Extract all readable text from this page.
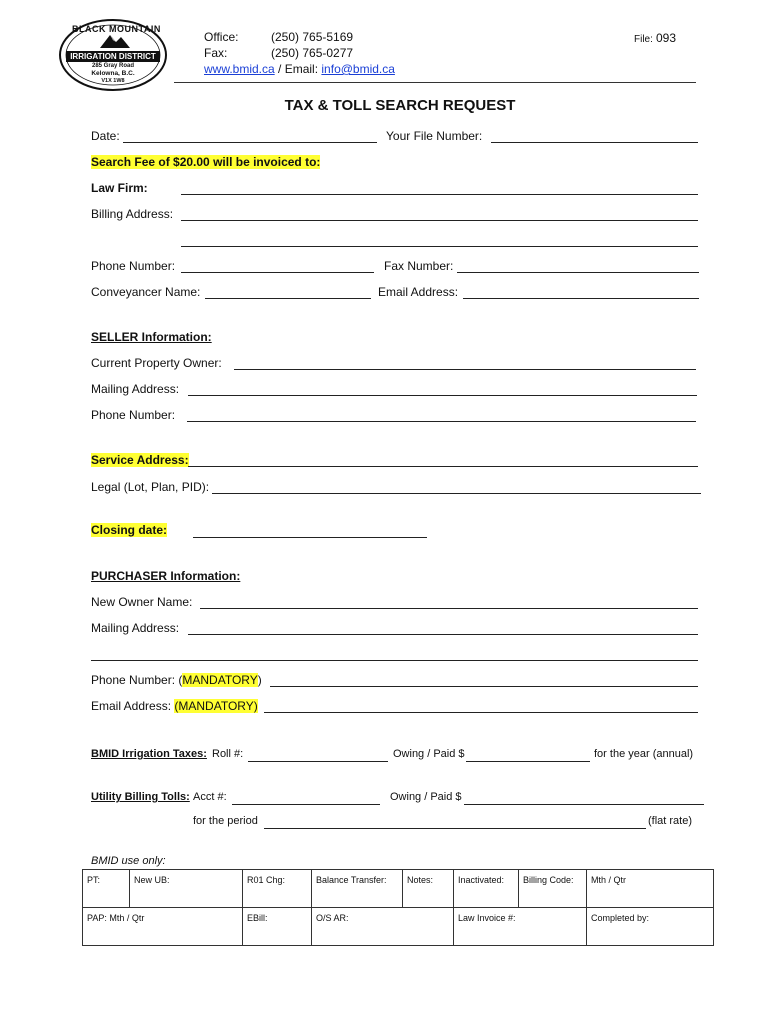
BLACK MOUNTAIN
IRRIGATION DISTRICT
285 Gray Road
Kelowna, B.C.
V1X 1W8
Office:	(250) 765-5169
Fax:	(250) 765-0277
www.bmid.ca / Email: info@bmid.ca
File: 093
TAX & TOLL SEARCH REQUEST
Date:	Your File Number:
Search Fee of $20.00 will be invoiced to:
Law Firm:
Billing Address:
Phone Number:	Fax Number:
Conveyancer Name:	Email Address:
SELLER Information:
Current Property Owner:
Mailing Address:
Phone Number:
Service Address:
Legal (Lot, Plan, PID):
Closing date:
PURCHASER Information:
New Owner Name:
Mailing Address:
Phone Number: (MANDATORY)
Email Address: (MANDATORY)
BMID Irrigation Taxes: Roll #:	Owing / Paid $	for the year (annual)
Utility Billing Tolls: Acct #:	Owing / Paid $
for the period	(flat rate)
BMID use only:
PT:	New UB:	R01 Chg:	Balance Transfer:	Notes:	Inactivated:	Billing Code:	Mth / Qtr
PAP: Mth / Qtr		EBill:	O/S AR:		Law Invoice #:		Completed by:
